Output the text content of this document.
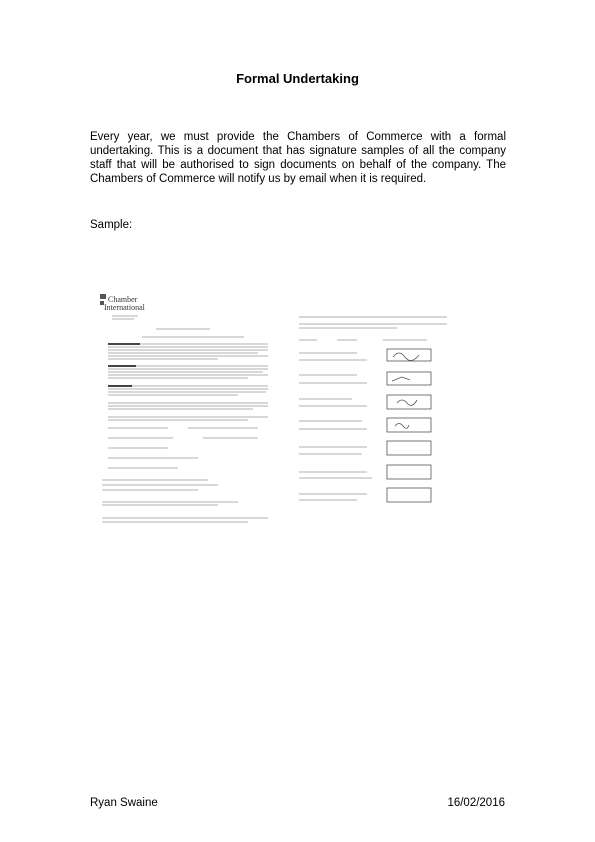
Formal Undertaking

Every year, we must provide the Chambers of Commerce with a formal undertaking. This is a document that has signature samples of all the company staff that will be authorised to sign documents on behalf of the company. The Chambers of Commerce will notify us by email when it is required.

Sample:
Chamber
International
Ryan Swaine	16/02/2016
